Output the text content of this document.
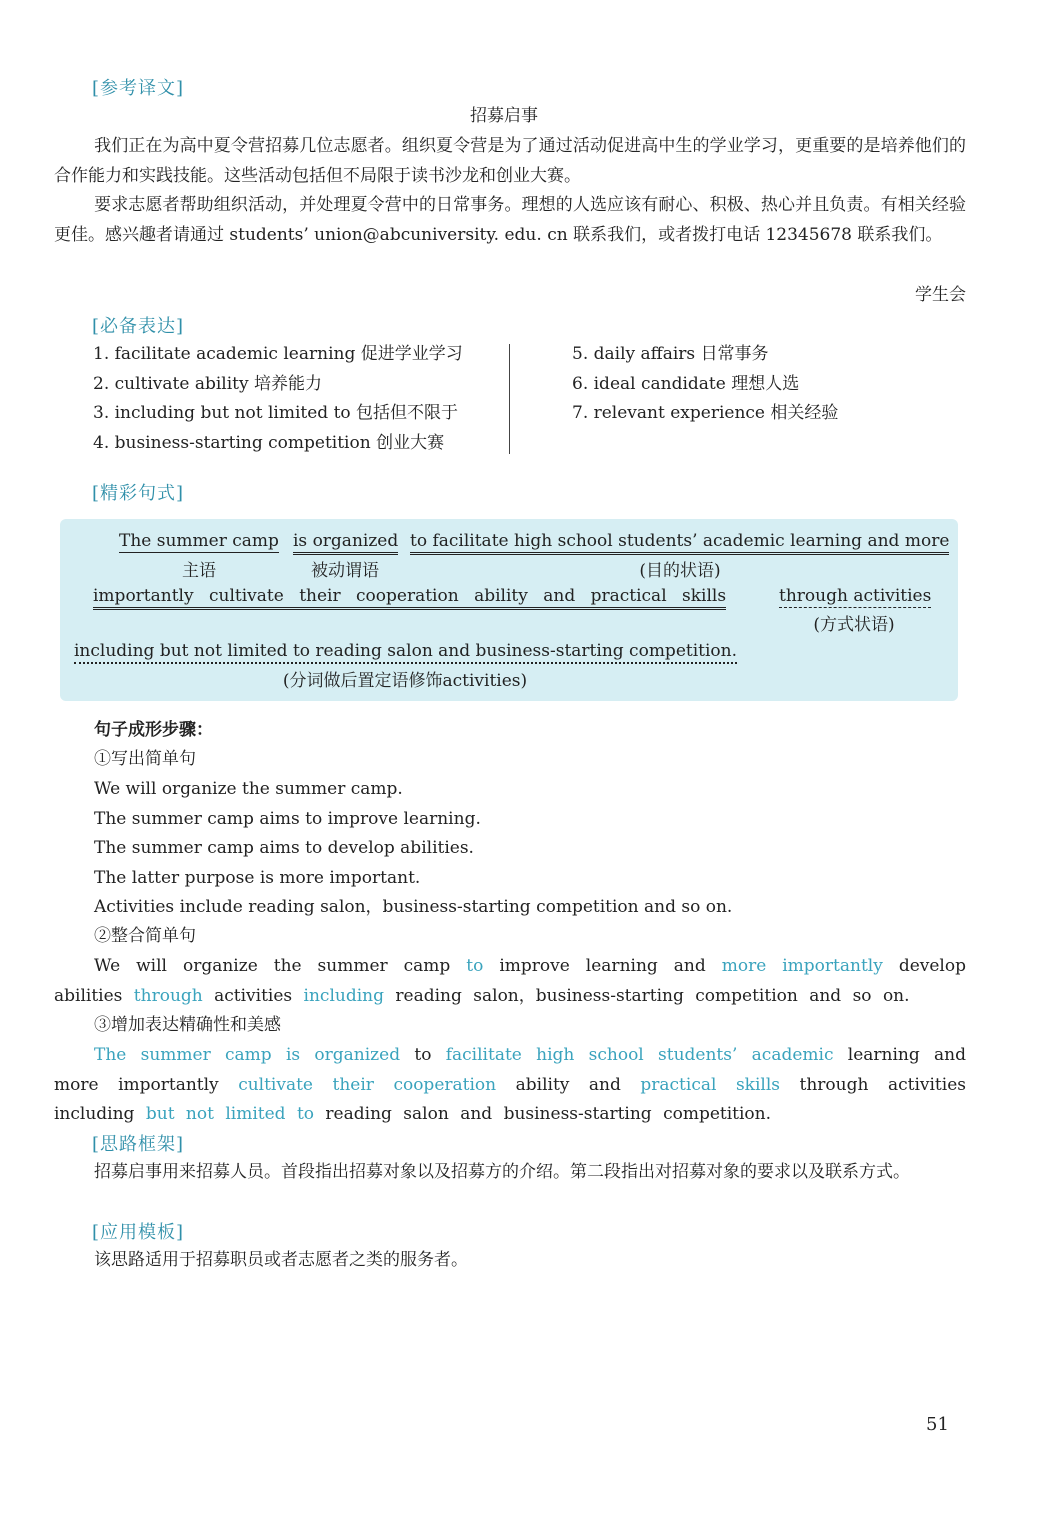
[参考译文]
招募启事
我们正在为高中夏令营招募几位志愿者。组织夏令营是为了通过活动促进高中生的学业学习，更重要的是培养他们的合作能力和实践技能。这些活动包括但不局限于读书沙龙和创业大赛。
要求志愿者帮助组织活动，并处理夏令营中的日常事务。理想的人选应该有耐心、积极、热心并且负责。有相关经验更佳。感兴趣者请通过 students’ union@abcuniversity. edu. cn 联系我们，或者拨打电话 12345678 联系我们。
学生会
[必备表达]
1. facilitate academic learning 促进学业学习
2. cultivate ability 培养能力
3. including but not limited to 包括但不限于
4. business-starting competition 创业大赛
5. daily affairs 日常事务
6. ideal candidate 理想人选
7. relevant experience 相关经验
[精彩句式]
The summer camp is organized to facilitate high school students’ academic learning and more
主语	被动谓语	(目的状语)
importantly cultivate their cooperation ability and practical skills	through activities
(方式状语)
including but not limited to reading salon and business-starting competition.
(分词做后置定语修饰activities)
句子成形步骤：
①写出简单句
We will organize the summer camp.
The summer camp aims to improve learning.
The summer camp aims to develop abilities.
The latter purpose is more important.
Activities include reading salon，business-starting competition and so on.
②整合简单句
We will organize the summer camp to improve learning and more importantly develop abilities through activities including reading salon，business-starting competition and so on.
③增加表达精确性和美感
The summer camp is organized to facilitate high school students’ academic learning and more importantly cultivate their cooperation ability and practical skills through activities including but not limited to reading salon and business-starting competition.
[思路框架]
招募启事用来招募人员。首段指出招募对象以及招募方的介绍。第二段指出对招募对象的要求以及联系方式。
[应用模板]
该思路适用于招募职员或者志愿者之类的服务者。
51
